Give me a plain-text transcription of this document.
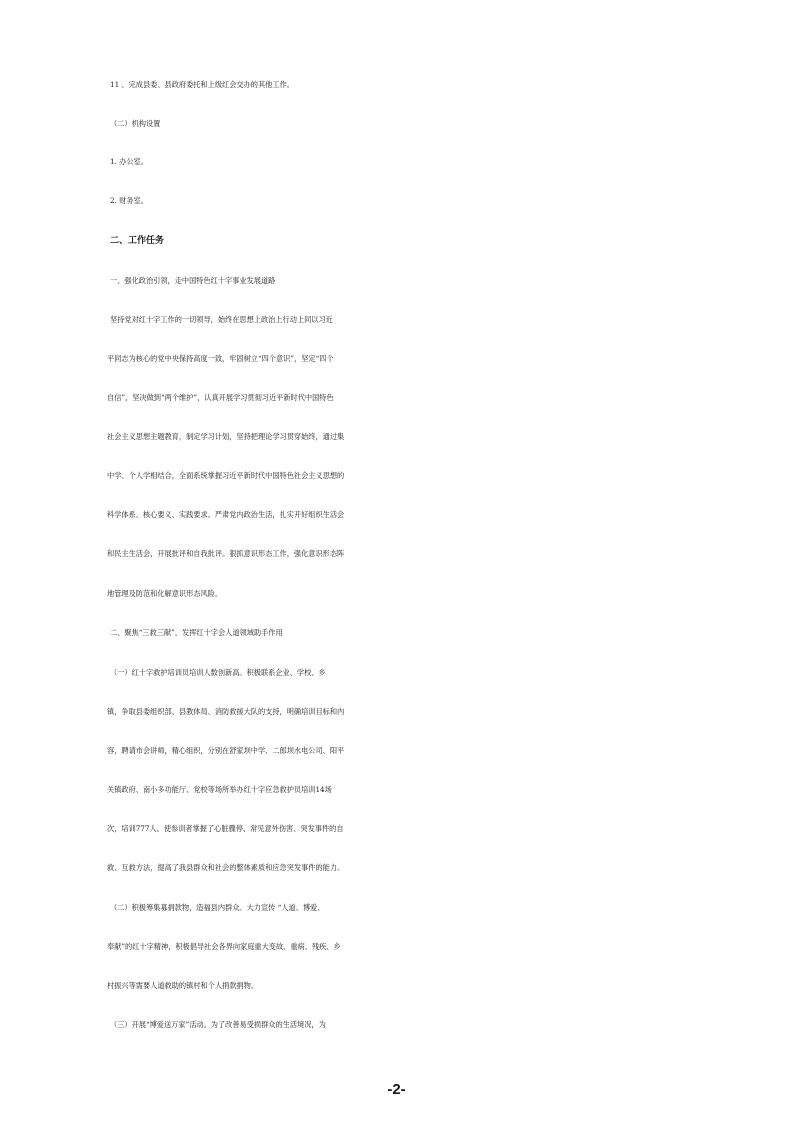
11 、完成县委、县政府委托和上级红会交办的其他工作。
（二）机构设置
1. 办公室。
2. 财务室。
二、工作任务
一、强化政治引领，走中国特色红十字事业发展道路
坚持党对红十字工作的一切领导，始终在思想上政治上行动上同以习近
平同志为核心的党中央保持高度一致，牢固树立“四个意识”，坚定“四个
自信”，坚决做到“两个维护”，认真开展学习贯彻习近平新时代中国特色
社会主义思想主题教育，制定学习计划，坚持把理论学习贯穿始终，通过集
中学、个人学相结合，全面系统掌握习近平新时代中国特色社会主义思想的
科学体系、核心要义、实践要求。严肃党内政治生活，扎实开好组织生活会
和民主生活会，开展批评和自我批评。狠抓意识形态工作，强化意识形态阵
地管理及防范和化解意识形态风险。
二、聚焦“三救三献”，发挥红十字会人道领域助手作用
（一）红十字救护培训员培训人数创新高。积极联系企业、学校、乡
镇，争取县委组织部、县教体局、消防救援大队的支持，明确培训目标和内
容，聘请市会讲师，精心组织，分别在舒家坝中学、二郎坝水电公司、阳平
关镇政府、南小多功能厅、党校等场所举办红十字应急救护员培训14场
次，培训777人。使参训者掌握了心脏骤停、常见意外伤害、突发事件的自
救、互救方法，提高了我县群众和社会的整体素质和应急突发事件的能力。
（二）积极筹集募捐款物，造福县内群众。大力宣传 “人道、博爱、
奉献”的红十字精神，积极倡导社会各界向家庭重大变故、重病、残疾、乡
村振兴等需要人道救助的镇村和个人捐款捐物。
（三）开展“博爱送万家”活动。为了改善易受损群众的生活境况，为
-2-
